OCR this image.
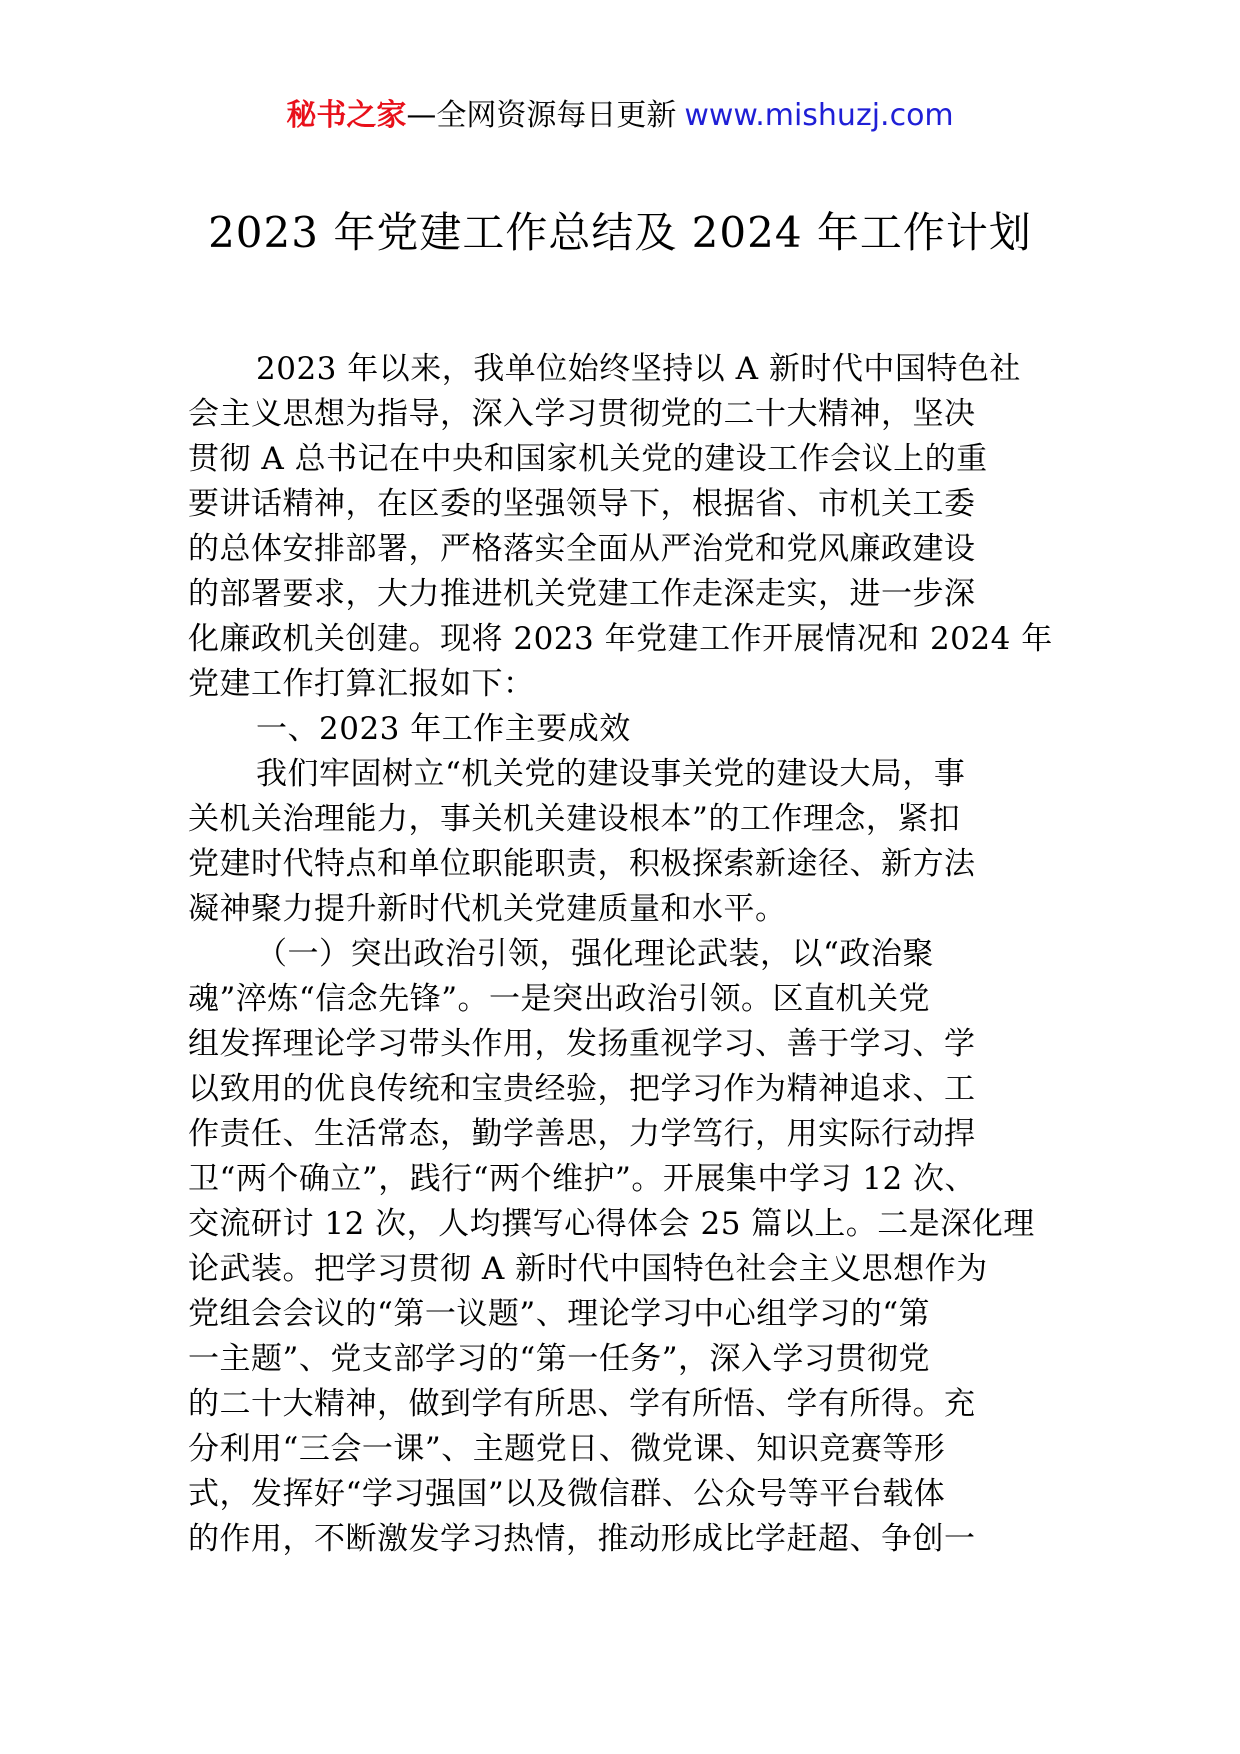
秘书之家—全网资源每日更新 www.mishuzj.com
2023 年党建工作总结及 2024 年工作计划
2023 年以来，我单位始终坚持以 A 新时代中国特色社
会主义思想为指导，深入学习贯彻党的二十大精神，坚决
贯彻 A 总书记在中央和国家机关党的建设工作会议上的重
要讲话精神，在区委的坚强领导下，根据省、市机关工委
的总体安排部署，严格落实全面从严治党和党风廉政建设
的部署要求，大力推进机关党建工作走深走实，进一步深
化廉政机关创建。现将 2023 年党建工作开展情况和 2024 年
党建工作打算汇报如下：
一、2023 年工作主要成效
我们牢固树立“机关党的建设事关党的建设大局，事
关机关治理能力，事关机关建设根本”的工作理念，紧扣
党建时代特点和单位职能职责，积极探索新途径、新方法
凝神聚力提升新时代机关党建质量和水平。
（一）突出政治引领，强化理论武装，以“政治聚
魂”淬炼“信念先锋”。一是突出政治引领。区直机关党
组发挥理论学习带头作用，发扬重视学习、善于学习、学
以致用的优良传统和宝贵经验，把学习作为精神追求、工
作责任、生活常态，勤学善思，力学笃行，用实际行动捍
卫“两个确立”，践行“两个维护”。开展集中学习 12 次、
交流研讨 12 次，人均撰写心得体会 25 篇以上。二是深化理
论武装。把学习贯彻 A 新时代中国特色社会主义思想作为
党组会会议的“第一议题”、理论学习中心组学习的“第
一主题”、党支部学习的“第一任务”，深入学习贯彻党
的二十大精神，做到学有所思、学有所悟、学有所得。充
分利用“三会一课”、主题党日、微党课、知识竞赛等形
式，发挥好“学习强国”以及微信群、公众号等平台载体
的作用，不断激发学习热情，推动形成比学赶超、争创一
